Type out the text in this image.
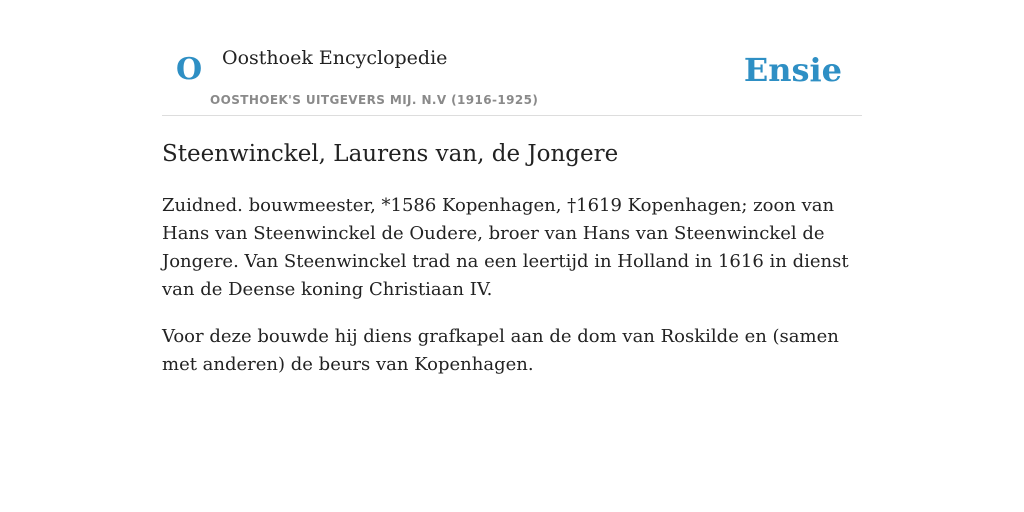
O Oosthoek Encyclopedie
OOSTHOEK'S UITGEVERS MIJ. N.V (1916-1925)
Ensie
Steenwinckel, Laurens van, de Jongere

Zuidned. bouwmeester, *1586 Kopenhagen, †1619 Kopenhagen; zoon van Hans van Steenwinckel de Oudere, broer van Hans van Steenwinckel de Jongere. Van Steenwinckel trad na een leertijd in Holland in 1616 in dienst van de Deense koning Christiaan IV.

Voor deze bouwde hij diens grafkapel aan de dom van Roskilde en (samen met anderen) de beurs van Kopenhagen.
